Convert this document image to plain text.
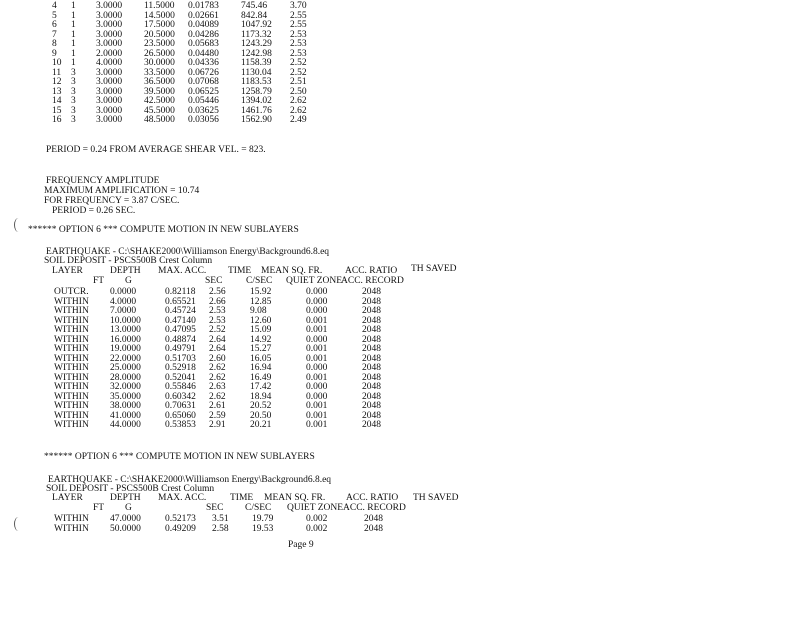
4 1 3.0000 11.5000 0.01783 745.46 3.70
5 1 3.0000 14.5000 0.02661 842.84 2.55
6 1 3.0000 17.5000 0.04089 1047.92 2.55
7 1 3.0000 20.5000 0.04286 1173.32 2.53
8 1 3.0000 23.5000 0.05683 1243.29 2.53
9 1 2.0000 26.5000 0.04480 1242.98 2.53
10 1 4.0000 30.0000 0.04336 1158.39 2.52
11 3 3.0000 33.5000 0.06726 1130.04 2.52
12 3 3.0000 36.5000 0.07068 1183.53 2.51
13 3 3.0000 39.5000 0.06525 1258.79 2.50
14 3 3.0000 42.5000 0.05446 1394.02 2.62
15 3 3.0000 45.5000 0.03625 1461.76 2.62
16 3 3.0000 48.5000 0.03056 1562.90 2.49
PERIOD = 0.24 FROM AVERAGE SHEAR VEL. = 823.
FREQUENCY AMPLITUDE
MAXIMUM AMPLIFICATION = 10.74
FOR FREQUENCY = 3.87 C/SEC.
PERIOD = 0.26 SEC.
****** OPTION 6 *** COMPUTE MOTION IN NEW SUBLAYERS
EARTHQUAKE - C:\SHAKE2000\Williamson Energy\Background6.8.eq
SOIL DEPOSIT - PSCS500B Crest Column
LAYER	DEPTH MAX. ACC. TIME MEAN SQ. FR. ACC. RATIO TH SAVED
FT G	SEC C/SEC QUIET ZONE
ACC. RECORD
OUTCR. 0.0000	0.82118 2.56	15.92	0.000	2048
WITHIN 4.0000	0.65521 2.66	12.85	0.000	2048
WITHIN 7.0000	0.45724 2.53	9.08	0.000	2048
WITHIN 10.0000	0.47140 2.53	12.60	0.001	2048
WITHIN 13.0000	0.47095 2.52	15.09	0.001	2048
WITHIN 16.0000	0.48874 2.64	14.92	0.000	2048
WITHIN 19.0000	0.49791 2.64	15.27	0.001	2048
WITHIN 22.0000	0.51703 2.60	16.05	0.001	2048
WITHIN 25.0000	0.52918 2.62	16.94	0.000	2048
WITHIN 28.0000	0.52041 2.62	16.49	0.001	2048
WITHIN 32.0000	0.55846 2.63	17.42	0.000	2048
WITHIN 35.0000	0.60342 2.62	18.94	0.000	2048
WITHIN 38.0000	0.70631 2.61	20.52	0.001	2048
WITHIN 41.0000	0.65060 2.59	20.50	0.001	2048
WITHIN 44.0000	0.53853 2.91	20.21	0.001	2048
****** OPTION 6 *** COMPUTE MOTION IN NEW SUBLAYERS
EARTHQUAKE - C:\SHAKE2000\Williamson Energy\Background6.8.eq
SOIL DEPOSIT - PSCS500B Crest Column
LAYER	DEPTH MAX. ACC. TIME MEAN SQ. FR. ACC. RATIO TH SAVED
FT G	SEC C/SEC QUIET ZONE ACC. RECORD
WITHIN 47.0000	0.52173 3.51 19.79	0.002	2048
WITHIN 50.0000	0.49209 2.58 19.53	0.002	2048
Page 9
